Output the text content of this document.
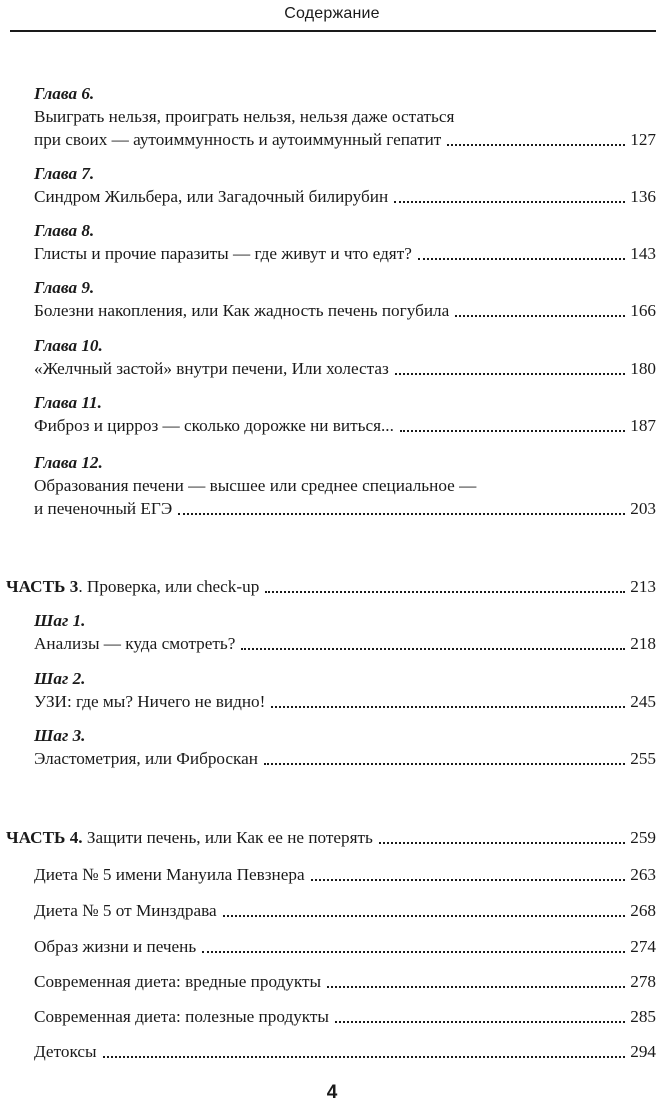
Содержание
Глава 6.
Выиграть нельзя, проиграть нельзя, нельзя даже остаться
при своих — аутоиммунность и аутоиммунный гепатит	127
Глава 7.
Синдром Жильбера, или Загадочный билирубин	136
Глава 8.
Глисты и прочие паразиты — где живут и что едят?	143
Глава 9.
Болезни накопления, или Как жадность печень погубила	166
Глава 10.
«Желчный застой» внутри печени, Или холестаз	180
Глава 11.
Фиброз и цирроз — сколько дорожке ни виться...	187
Глава 12.
Образования печени — высшее или среднее специальное —
и печеночный ЕГЭ	203
ЧАСТЬ 3. Проверка, или check-up	213
Шаг 1.
Анализы — куда смотреть?	218
Шаг 2.
УЗИ: где мы? Ничего не видно!	245
Шаг 3.
Эластометрия, или Фиброскан	255
ЧАСТЬ 4. Защити печень, или Как ее не потерять	259
Диета № 5 имени Мануила Певзнера	263
Диета № 5 от Минздрава	268
Образ жизни и печень	274
Современная диета: вредные продукты	278
Современная диета: полезные продукты	285
Детоксы	294
4
